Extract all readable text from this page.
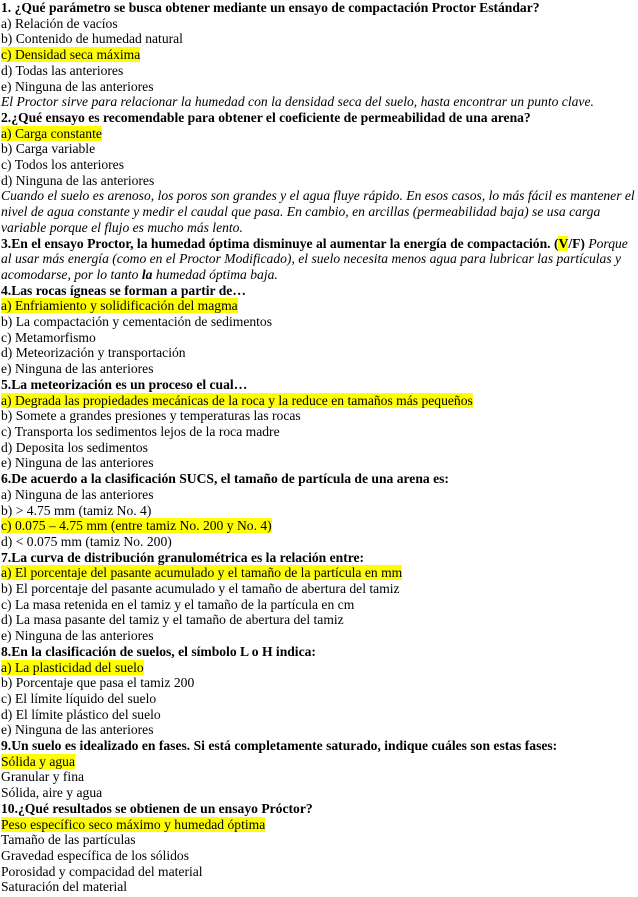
1. ¿Qué parámetro se busca obtener mediante un ensayo de compactación Proctor Estándar?
a) Relación de vacíos
b) Contenido de humedad natural
c) Densidad seca máxima
d) Todas las anteriores
e) Ninguna de las anteriores
El Proctor sirve para relacionar la humedad con la densidad seca del suelo, hasta encontrar un punto clave.
2.¿Qué ensayo es recomendable para obtener el coeficiente de permeabilidad de una arena?
a) Carga constante
b) Carga variable
c) Todos los anteriores
d) Ninguna de las anteriores
Cuando el suelo es arenoso, los poros son grandes y el agua fluye rápido. En esos casos, lo más fácil es mantener el nivel de agua constante y medir el caudal que pasa. En cambio, en arcillas (permeabilidad baja) se usa carga variable porque el flujo es mucho más lento.
3.En el ensayo Proctor, la humedad óptima disminuye al aumentar la energía de compactación. (V/F) Porque al usar más energía (como en el Proctor Modificado), el suelo necesita menos agua para lubricar las partículas y acomodarse, por lo tanto la humedad óptima baja.
4.Las rocas ígneas se forman a partir de…
a) Enfriamiento y solidificación del magma
b) La compactación y cementación de sedimentos
c) Metamorfismo
d) Meteorización y transportación
e) Ninguna de las anteriores
5.La meteorización es un proceso el cual…
a) Degrada las propiedades mecánicas de la roca y la reduce en tamaños más pequeños
b) Somete a grandes presiones y temperaturas las rocas
c) Transporta los sedimentos lejos de la roca madre
d) Deposita los sedimentos
e) Ninguna de las anteriores
6.De acuerdo a la clasificación SUCS, el tamaño de partícula de una arena es:
a) Ninguna de las anteriores
b) > 4.75 mm (tamiz No. 4)
c) 0.075 – 4.75 mm (entre tamiz No. 200 y No. 4)
d) < 0.075 mm (tamiz No. 200)
7.La curva de distribución granulométrica es la relación entre:
a) El porcentaje del pasante acumulado y el tamaño de la partícula en mm
b) El porcentaje del pasante acumulado y el tamaño de abertura del tamiz
c) La masa retenida en el tamiz y el tamaño de la partícula en cm
d) La masa pasante del tamiz y el tamaño de abertura del tamiz
e) Ninguna de las anteriores
8.En la clasificación de suelos, el símbolo L o H indica:
a) La plasticidad del suelo
b) Porcentaje que pasa el tamiz 200
c) El límite líquido del suelo
d) El límite plástico del suelo
e) Ninguna de las anteriores
9.Un suelo es idealizado en fases. Si está completamente saturado, indique cuáles son estas fases:
Sólida y agua
Granular y fina
Sólida, aire y agua
10.¿Qué resultados se obtienen de un ensayo Próctor?
Peso específico seco máximo y humedad óptima
Tamaño de las partículas
Gravedad específica de los sólidos
Porosidad y compacidad del material
Saturación del material
